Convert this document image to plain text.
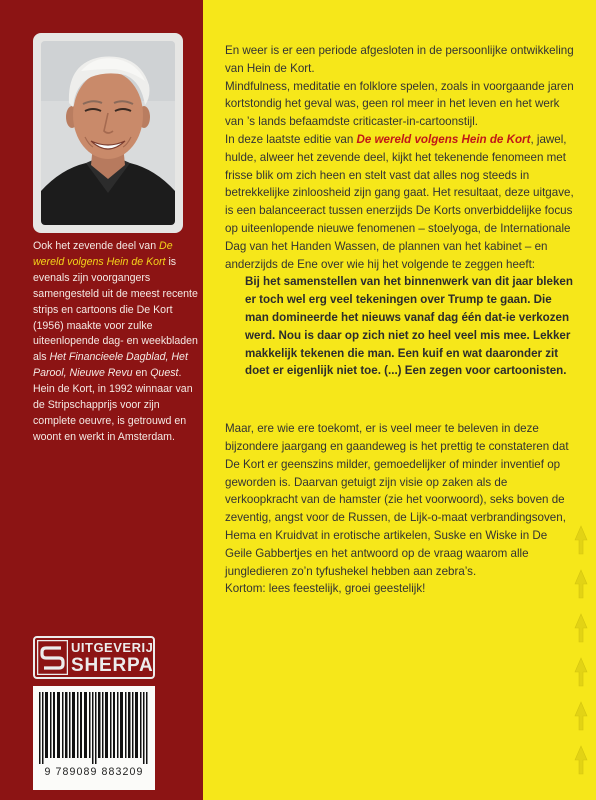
Ook het zevende deel van De wereld volgens Hein de Kort is evenals zijn voorgangers samengesteld uit de meest recente strips en cartoons die De Kort (1956) maakte voor zulke uiteenlopende dag- en weekbladen als Het Financieele Dagblad, Het Parool, Nieuwe Revu en Quest.

Hein de Kort, in 1992 winnaar van de Stripschapprijs voor zijn complete oeuvre, is getrouwd en woont en werkt in Amsterdam.

UITGEVERIJ
SHERPA
9 789089 883209

En weer is er een periode afgesloten in de persoonlijke ontwikkeling van Hein de Kort.

Mindfulness, meditatie en folklore spelen, zoals in voorgaande jaren kortstondig het geval was, geen rol meer in het leven en het werk van ’s lands befaamdste criticaster-in-cartoonstijl.

In deze laatste editie van De wereld volgens Hein de Kort, jawel, hulde, alweer het zevende deel, kijkt het tekenende fenomeen met frisse blik om zich heen en stelt vast dat alles nog steeds in betrekkelijke zinloosheid zijn gang gaat. Het resultaat, deze uitgave, is een balanceeract tussen enerzijds De Korts onverbiddelijke focus op uiteenlopende nieuwe fenomenen – stoelyoga, de Internationale Dag van het Handen Wassen, de plannen van het kabinet – en anderzijds de Ene over wie hij het volgende te zeggen heeft:

Bij het samenstellen van het binnenwerk van dit jaar bleken er toch wel erg veel tekeningen over Trump te gaan. Die man domineerde het nieuws vanaf dag één dat-ie verkozen werd. Nou is daar op zich niet zo heel veel mis mee. Lekker makkelijk tekenen die man. Een kuif en wat daaronder zit doet er eigenlijk niet toe. (...) Een zegen voor cartoonisten.

Maar, ere wie ere toekomt, er is veel meer te beleven in deze bijzondere jaargang en gaandeweg is het prettig te constateren dat De Kort er geenszins milder, gemoedelijker of minder inventief op geworden is. Daarvan getuigt zijn visie op zaken als de verkoopkracht van de hamster (zie het voorwoord), seks boven de zeventig, angst voor de Russen, de Lijk-o-maat verbrandingsoven, Hema en Kruidvat in erotische artikelen, Suske en Wiske in De Geile Gabbertjes en het antwoord op de vraag waarom alle jungledieren zo’n tyfushekel hebben aan zebra’s.

Kortom: lees feestelijk, groei geestelijk!
